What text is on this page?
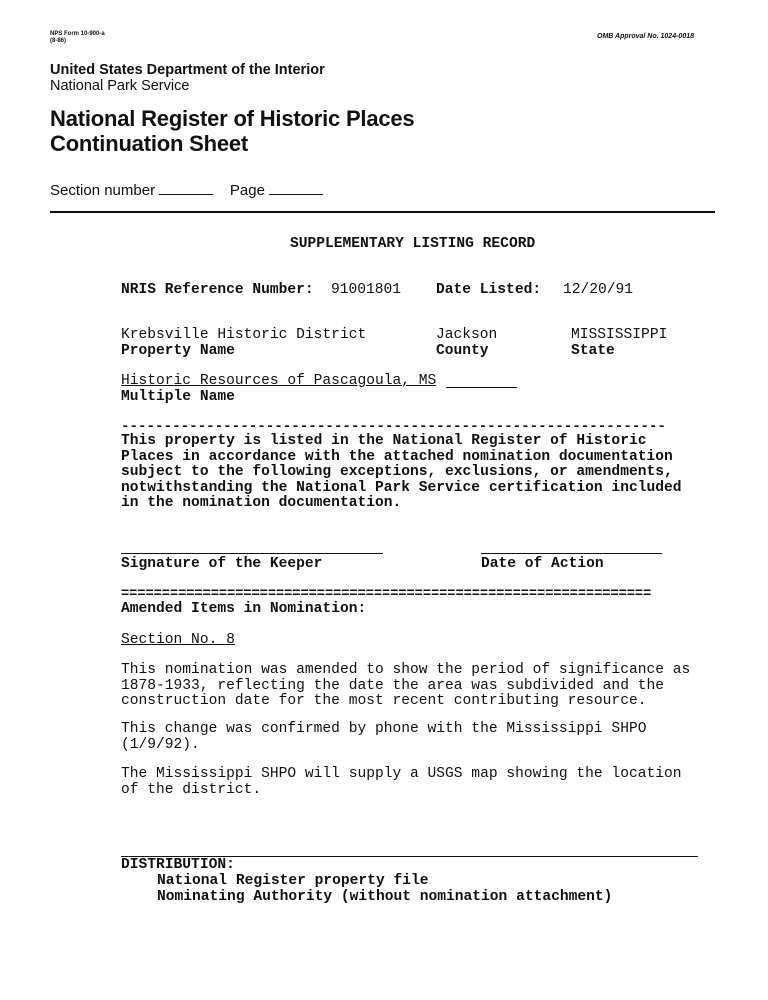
NPS Form 10-900-a
(8-86)
OMB Approval No. 1024-0018
United States Department of the Interior
National Park Service
National Register of Historic Places
Continuation Sheet
Section number	Page
SUPPLEMENTARY LISTING RECORD
NRIS Reference Number: 91001801 Date Listed: 12/20/91
Krebsville Historic District
Property Name
Jackson
County
MISSISSIPPI
State
Historic Resources of Pascagoula, MS
Multiple Name
----------------------------------------------------------------
This property is listed in the National Register of Historic
Places in accordance with the attached nomination documentation
subject to the following exceptions, exclusions, or amendments,
notwithstanding the National Park Service certification included
in the nomination documentation.
Signature of the Keeper	Date of Action
=================================================================
Amended Items in Nomination:
Section No. 8
This nomination was amended to show the period of significance as
1878-1933, reflecting the date the area was subdivided and the
construction date for the most recent contributing resource.
This change was confirmed by phone with the Mississippi SHPO
(1/9/92).
The Mississippi SHPO will supply a USGS map showing the location
of the district.
DISTRIBUTION:
National Register property file
Nominating Authority (without nomination attachment)
